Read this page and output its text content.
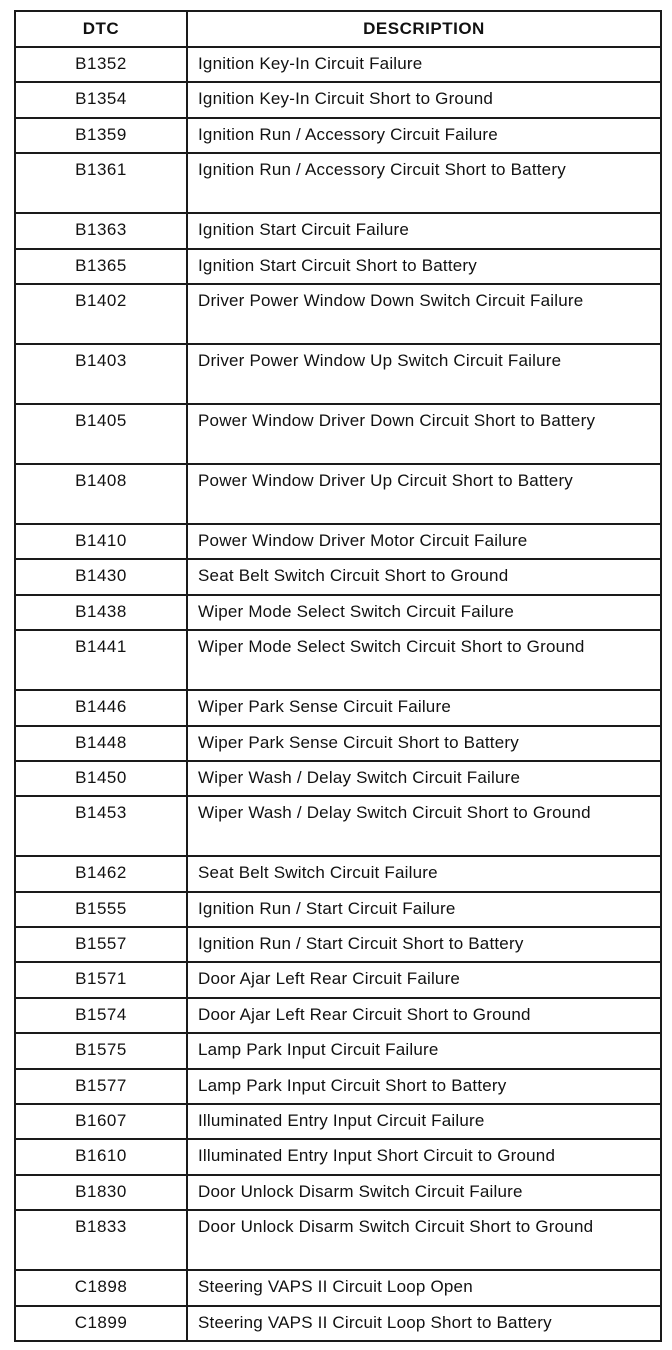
DTC	DESCRIPTION
B1352	Ignition Key-In Circuit Failure
B1354	Ignition Key-In Circuit Short to Ground
B1359	Ignition Run / Accessory Circuit Failure
B1361	Ignition Run / Accessory Circuit Short to Battery
B1363	Ignition Start Circuit Failure
B1365	Ignition Start Circuit Short to Battery
B1402	Driver Power Window Down Switch Circuit Failure
B1403	Driver Power Window Up Switch Circuit Failure
B1405	Power Window Driver Down Circuit Short to Battery
B1408	Power Window Driver Up Circuit Short to Battery
B1410	Power Window Driver Motor Circuit Failure
B1430	Seat Belt Switch Circuit Short to Ground
B1438	Wiper Mode Select Switch Circuit Failure
B1441	Wiper Mode Select Switch Circuit Short to Ground
B1446	Wiper Park Sense Circuit Failure
B1448	Wiper Park Sense Circuit Short to Battery
B1450	Wiper Wash / Delay Switch Circuit Failure
B1453	Wiper Wash / Delay Switch Circuit Short to Ground
B1462	Seat Belt Switch Circuit Failure
B1555	Ignition Run / Start Circuit Failure
B1557	Ignition Run / Start Circuit Short to Battery
B1571	Door Ajar Left Rear Circuit Failure
B1574	Door Ajar Left Rear Circuit Short to Ground
B1575	Lamp Park Input Circuit Failure
B1577	Lamp Park Input Circuit Short to Battery
B1607	Illuminated Entry Input Circuit Failure
B1610	Illuminated Entry Input Short Circuit to Ground
B1830	Door Unlock Disarm Switch Circuit Failure
B1833	Door Unlock Disarm Switch Circuit Short to Ground
C1898	Steering VAPS II Circuit Loop Open
C1899	Steering VAPS II Circuit Loop Short to Battery
